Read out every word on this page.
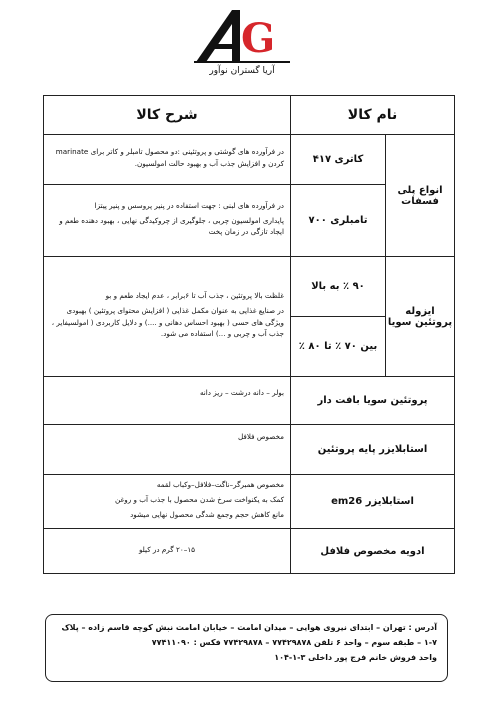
G
آریا گستران نوآور
نام کالا		شرح کالا
انواع پلی فسفات	کاتری ۴۱۷	در فرآورده های گوشتی و پروتئینی :دو محصول تامبلر و کاتر برای marinate کردن و افزایش جذب آب و بهبود حالت امولسیون.

	تامبلری ۷۰۰	در فرآورده های لبنی : جهت استفاده در پنیر پروسس و پنیر پیتزا

پایداری امولسیون چربی ، جلوگیری از چروکیدگی نهایی ، بهبود دهنده طعم و ایجاد تازگی در زمان پخت

ایزوله پروتئین سویا	۹۰ ٪ به بالا	غلظت بالا پروتئین ، جذب آب تا ۶برابر ، عدم ایجاد طعم و بو

در صنایع غذایی به عنوان مکمل غذایی ( افزایش محتوای پروتئین ) بهبودی ویژگی های حسی ( بهبود احساس دهانی و ....) و دلایل کاربردی ( امولسیفایر ، جذب آب و چربی و ...) استفاده می شود.

	بین ۷۰ ٪ تا ۸۰ ٪	
پروتئین سویا بافت دار		بولر – دانه درشت – ریز دانه

استابلایزر پایه پروتئین		مخصوص فلافل

استابلایزر em26		مخصوص همبرگر–ناگت–فلافل–وکباب لقمه

کمک به یکنواخت سرخ شدن محصول با جذب آب و روغن

مانع کاهش حجم وجمع شدگی محصول نهایی میشود

ادویه مخصوص فلافل		۱۵–۲۰ گرم در کیلو

آدرس : تهران – ابتدای نیروی هوایی – میدان امامت – خیابان امامت نبش کوچه قاسم زاده – پلاک
۱-۷ – طبقه سوم – واحد ۶ تلفن ۷۷۴۲۹۸۷۸ – ۷۷۴۲۹۸۷۸ فکس : ۷۷۴۱۱۰۹۰
واحد فروش خانم فرج پور داخلی ۳-۱-۱۰۴
